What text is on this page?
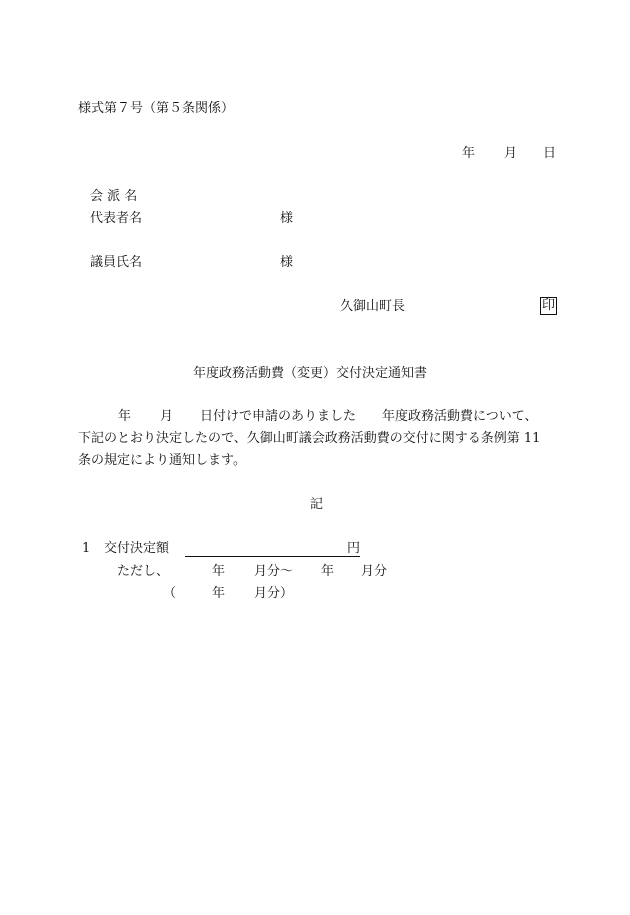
様式第７号（第５条関係）
年 月 日
会 派 名
代表者名	様
議員氏名	様
久御山町長	印
年度政務活動費（変更）交付決定通知書
年 月 日付けで申請のありました　　年度政務活動費について、
下記のとおり決定したので、久御山町議会政務活動費の交付に関する条例第 11
条の規定により通知します。
記
1 交付決定額	円
ただし、	年 月分～ 年 月分
（	年 月分）
